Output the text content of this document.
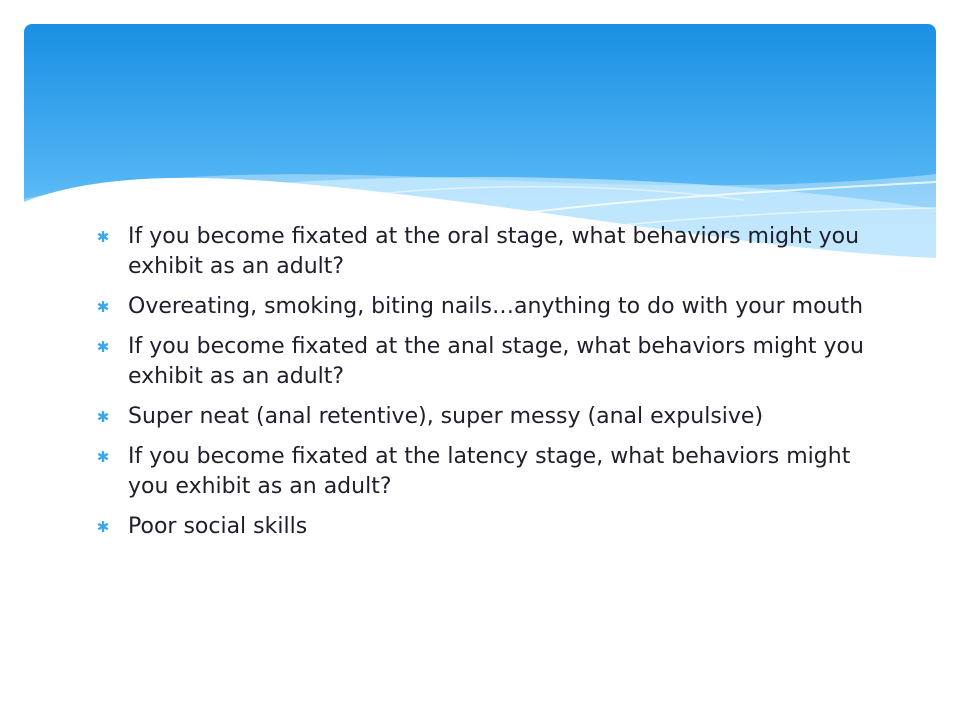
✱ If you become fixated at the oral stage, what behaviors might you exhibit as an adult?
✱ Overeating, smoking, biting nails…anything to do with your mouth
✱ If you become fixated at the anal stage, what behaviors might you exhibit as an adult?
✱ Super neat (anal retentive), super messy (anal expulsive)
✱ If you become fixated at the latency stage, what behaviors might you exhibit as an adult?
✱ Poor social skills
